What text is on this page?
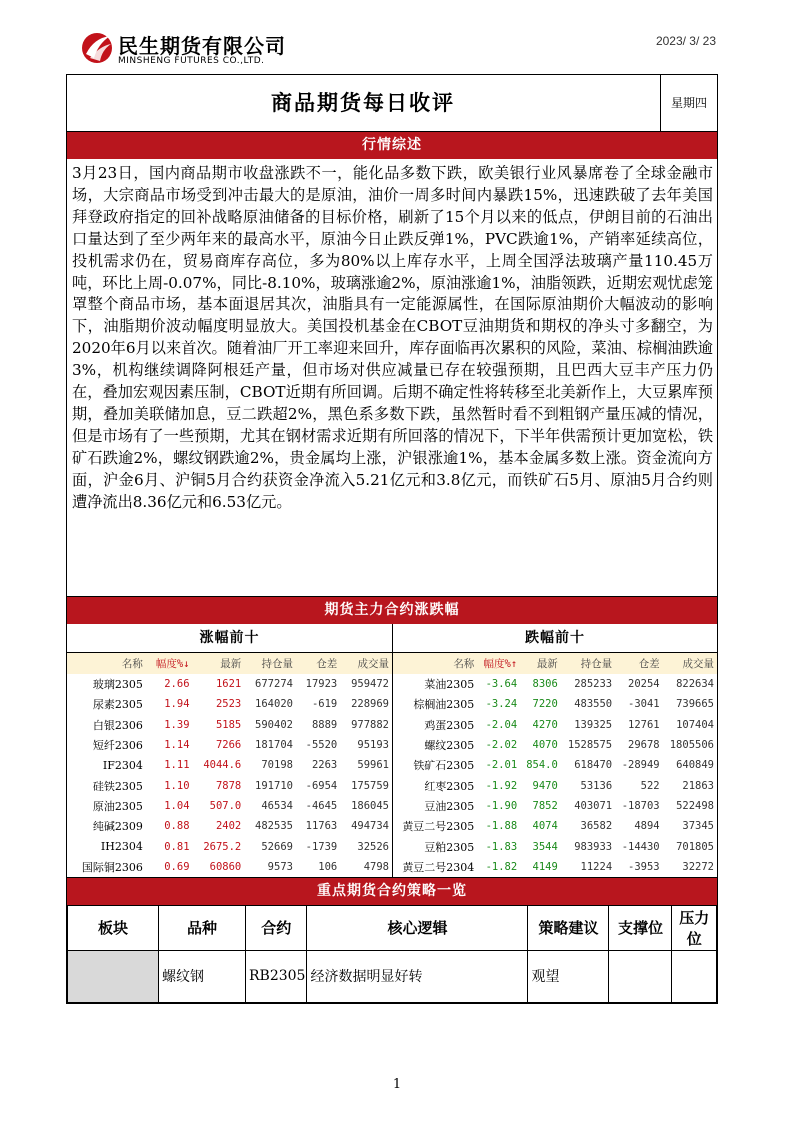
民生期货有限公司
MINSHENG FUTURES CO.,LTD.
2023/ 3/ 23
商品期货每日收评	星期四
行情综述
3月23日，国内商品期市收盘涨跌不一，能化品多数下跌，欧美银行业风暴席卷了全球金融市场，大宗商品市场受到冲击最大的是原油，油价一周多时间内暴跌15%，迅速跌破了去年美国拜登政府指定的回补战略原油储备的目标价格，刷新了15个月以来的低点，伊朗目前的石油出口量达到了至少两年来的最高水平，原油今日止跌反弹1%，PVC跌逾1%，产销率延续高位，投机需求仍在，贸易商库存高位，多为80%以上库存水平，上周全国浮法玻璃产量110.45万吨，环比上周-0.07%，同比-8.10%，玻璃涨逾2%，原油涨逾1%，油脂领跌，近期宏观忧虑笼罩整个商品市场，基本面退居其次，油脂具有一定能源属性，在国际原油期价大幅波动的影响下，油脂期价波动幅度明显放大。美国投机基金在CBOT豆油期货和期权的净头寸多翻空，为2020年6月以来首次。随着油厂开工率迎来回升，库存面临再次累积的风险，菜油、棕榈油跌逾3%，机构继续调降阿根廷产量，但市场对供应减量已存在较强预期，且巴西大豆丰产压力仍在，叠加宏观因素压制，CBOT近期有所回调。后期不确定性将转移至北美新作上，大豆累库预期，叠加美联储加息，豆二跌超2%，黑色系多数下跌，虽然暂时看不到粗钢产量压减的情况，但是市场有了一些预期，尤其在钢材需求近期有所回落的情况下，下半年供需预计更加宽松，铁矿石跌逾2%，螺纹钢跌逾2%，贵金属均上涨，沪银涨逾1%，基本金属多数上涨。资金流向方面，沪金6月、沪铜5月合约获资金净流入5.21亿元和3.8亿元，而铁矿石5月、原油5月合约则遭净流出8.36亿元和6.53亿元。
期货主力合约涨跌幅
涨幅前十
名称	幅度%↓	最新	持仓量	仓差	成交量
玻璃2305	2.66	1621	677274	17923	959472
尿素2305	1.94	2523	164020	-619	228969
白银2306	1.39	5185	590402	8889	977882
短纤2306	1.14	7266	181704	-5520	95193
IF2304	1.11	4044.6	70198	2263	59961
硅铁2305	1.10	7878	191710	-6954	175759
原油2305	1.04	507.0	46534	-4645	186045
纯碱2309	0.88	2402	482535	11763	494734
IH2304	0.81	2675.2	52669	-1739	32526
国际铜2306	0.69	60860	9573	106	4798
跌幅前十
名称	幅度%↑	最新	持仓量	仓差	成交量
菜油2305	-3.64	8306	285233	20254	822634
棕榈油2305	-3.24	7220	483550	-3041	739665
鸡蛋2305	-2.04	4270	139325	12761	107404
螺纹2305	-2.02	4070	1528575	29678	1805506
铁矿石2305	-2.01	854.0	618470	-28949	640849
红枣2305	-1.92	9470	53136	522	21863
豆油2305	-1.90	7852	403071	-18703	522498
黄豆二号2305	-1.88	4074	36582	4894	37345
豆粕2305	-1.83	3544	983933	-14430	701805
黄豆二号2304	-1.82	4149	11224	-3953	32272
重点期货合约策略一览
板块	品种	合约	核心逻辑	策略建议	支撑位	压力位
	螺纹钢	RB2305	经济数据明显好转	观望		
1
